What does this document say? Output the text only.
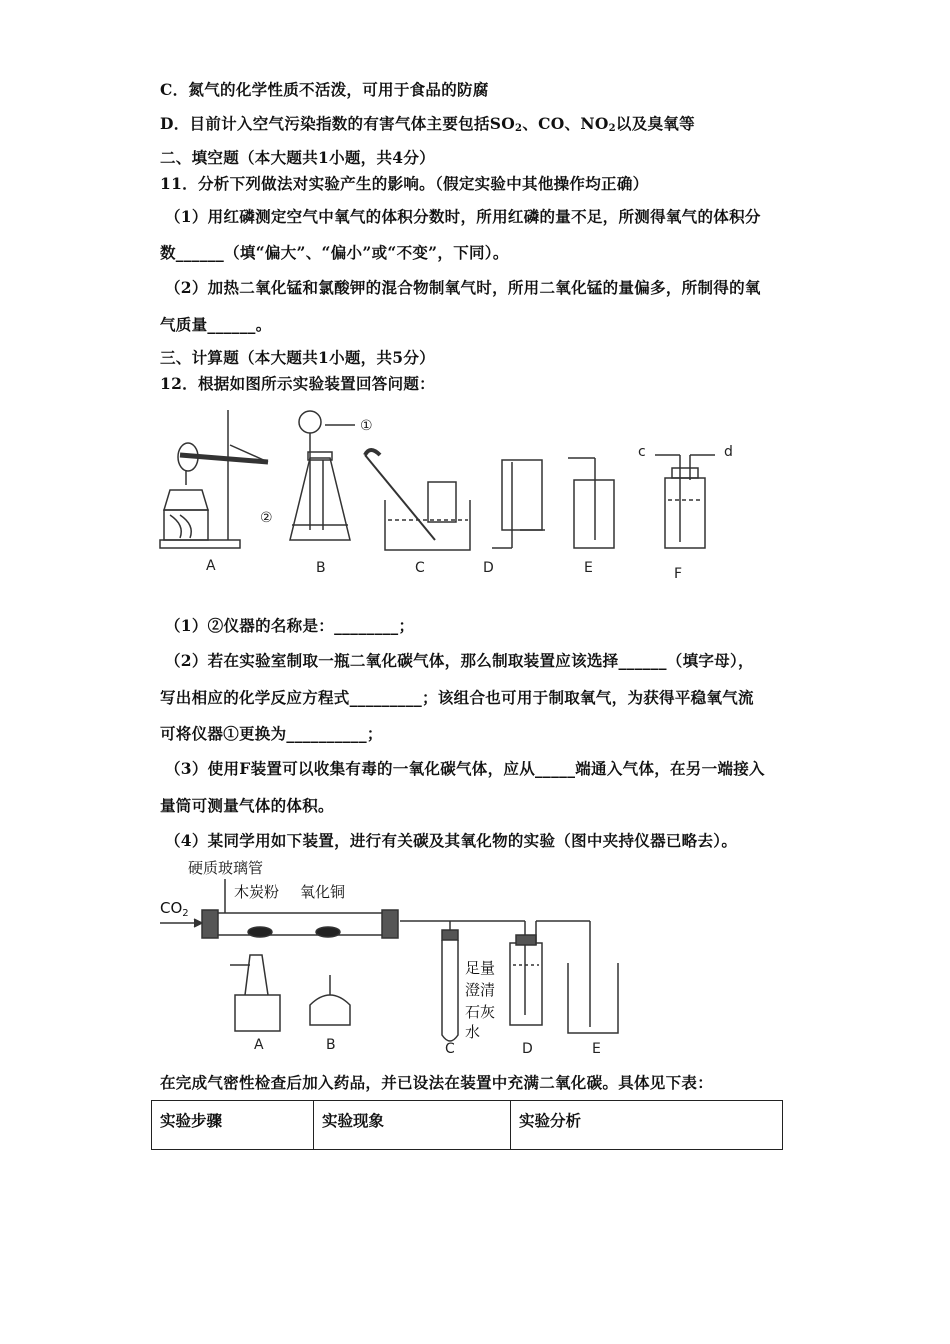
C．氮气的化学性质不活泼，可用于食品的防腐
D．目前计入空气污染指数的有害气体主要包括$SO_2$、CO、$NO_2$以及臭氧等
二、填空题（本大题共1小题，共4分）
11．分析下列做法对实验产生的影响。（假定实验中其他操作均正确）
（1）用红磷测定空气中氧气的体积分数时，所用红磷的量不足，所测得氧气的体积分
数______（填“偏大”、“偏小”或“不变”，下同）。
（2）加热二氧化锰和氯酸钾的混合物制氧气时，所用二氧化锰的量偏多，所制得的氧
气质量______。
三、计算题（本大题共1小题，共5分）
12．根据如图所示实验装置回答问题：
A
①
②
B	C	D	E
c	d
F
（1）②仪器的名称是：________；
（2）若在实验室制取一瓶二氧化碳气体，那么制取装置应该选择______（填字母），
写出相应的化学反应方程式_________；该组合也可用于制取氧气，为获得平稳氧气流
可将仪器①更换为__________；
（3）使用F装置可以收集有毒的一氧化碳气体，应从_____端通入气体，在另一端接入
量筒可测量气体的体积。
（4）某同学用如下装置，进行有关碳及其氧化物的实验（图中夹持仪器已略去）。
硬质玻璃管
木炭粉 氧化铜
$CO_2$
足量
澄清
石灰
水
A	B	C	D	E
在完成气密性检查后加入药品，并已设法在装置中充满二氧化碳。具体见下表：
实验步骤	实验现象	实验分析
